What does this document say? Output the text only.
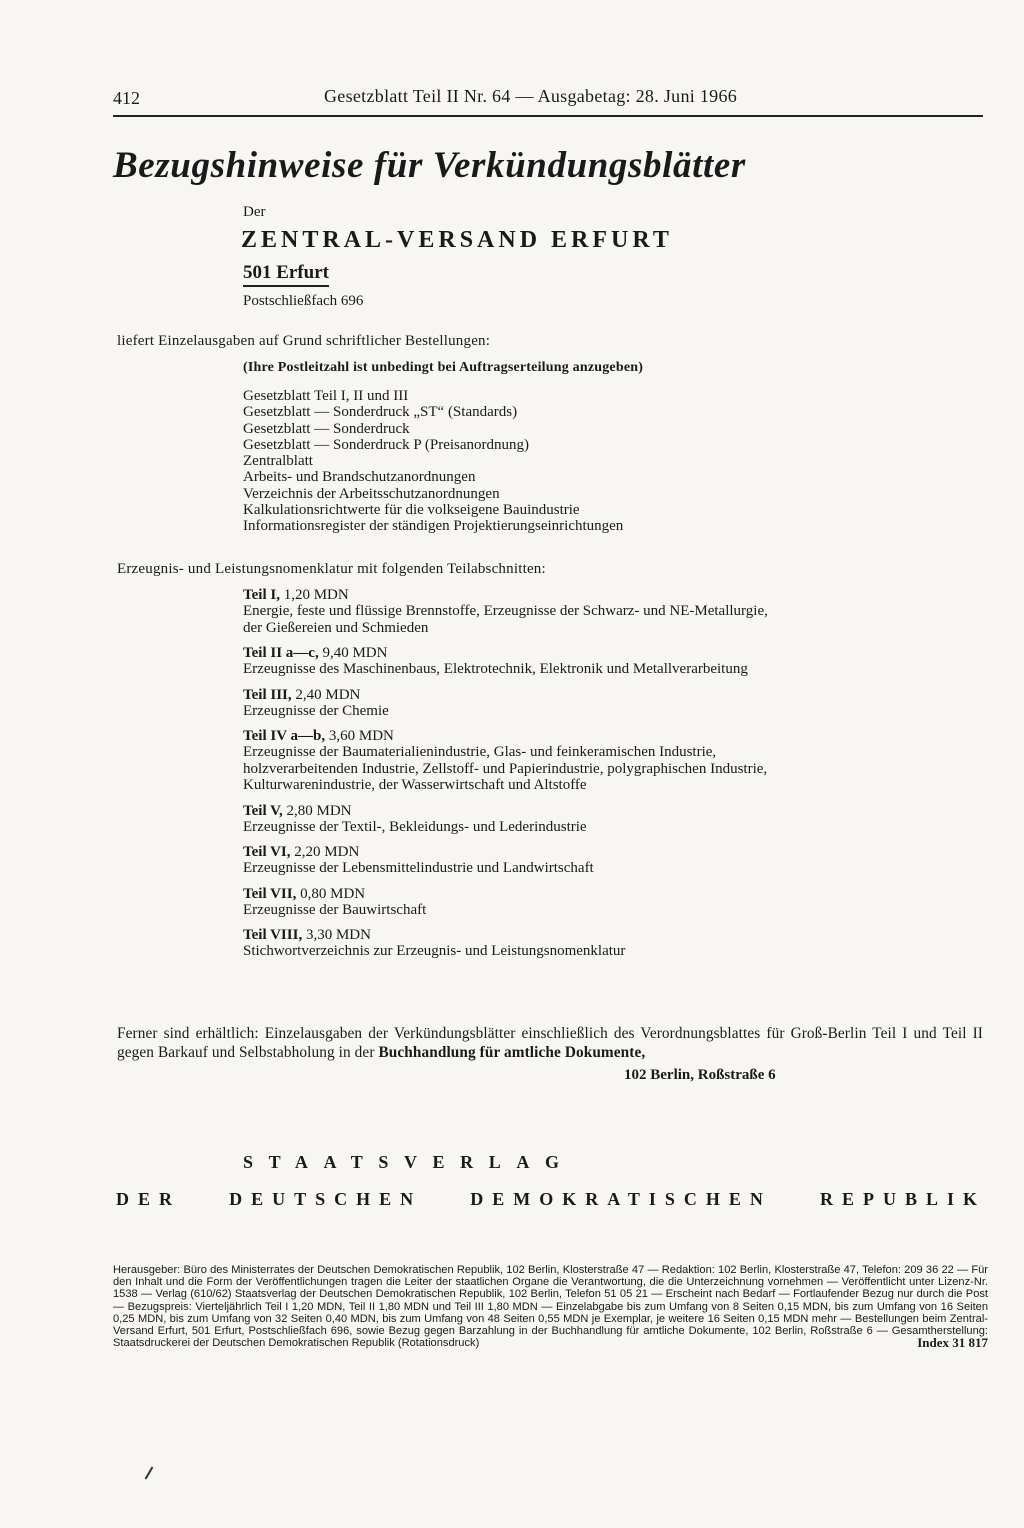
412	Gesetzblatt Teil II Nr. 64 — Ausgabetag: 28. Juni 1966
Bezugshinweise für Verkündungsblätter
Der
ZENTRAL-VERSAND ERFURT
501 Erfurt
Postschließfach 696
liefert Einzelausgaben auf Grund schriftlicher Bestellungen:
(Ihre Postleitzahl ist unbedingt bei Auftragserteilung anzugeben)
Gesetzblatt Teil I, II und III
Gesetzblatt — Sonderdruck „ST“ (Standards)
Gesetzblatt — Sonderdruck
Gesetzblatt — Sonderdruck P (Preisanordnung)
Zentralblatt
Arbeits- und Brandschutzanordnungen
Verzeichnis der Arbeitsschutzanordnungen
Kalkulationsrichtwerte für die volkseigene Bauindustrie
Informationsregister der ständigen Projektierungseinrichtungen
Erzeugnis- und Leistungsnomenklatur mit folgenden Teilabschnitten:
Teil I, 1,20 MDN
Energie, feste und flüssige Brennstoffe, Erzeugnisse der Schwarz- und NE-Metallurgie,
der Gießereien und Schmieden
Teil II a—c, 9,40 MDN
Erzeugnisse des Maschinenbaus, Elektrotechnik, Elektronik und Metallverarbeitung
Teil III, 2,40 MDN
Erzeugnisse der Chemie
Teil IV a—b, 3,60 MDN
Erzeugnisse der Baumaterialienindustrie, Glas- und feinkeramischen Industrie,
holzverarbeitenden Industrie, Zellstoff- und Papierindustrie, polygraphischen Industrie,
Kulturwarenindustrie, der Wasserwirtschaft und Altstoffe
Teil V, 2,80 MDN
Erzeugnisse der Textil-, Bekleidungs- und Lederindustrie
Teil VI, 2,20 MDN
Erzeugnisse der Lebensmittelindustrie und Landwirtschaft
Teil VII, 0,80 MDN
Erzeugnisse der Bauwirtschaft
Teil VIII, 3,30 MDN
Stichwortverzeichnis zur Erzeugnis- und Leistungsnomenklatur
Ferner sind erhältlich: Einzelausgaben der Verkündungsblätter einschließlich des Verordnungsblattes für Groß-Berlin Teil I und Teil II gegen Barkauf und Selbstabholung in der Buchhandlung für amtliche Dokumente,
102 Berlin, Roßstraße 6
STAATSVERLAG
DER	DEUTSCHEN	DEMOKRATISCHEN	REPUBLIK
Herausgeber: Büro des Ministerrates der Deutschen Demokratischen Republik, 102 Berlin, Klosterstraße 47 — Redaktion: 102 Berlin, Klosterstraße 47, Telefon: 209 36 22 — Für den Inhalt und die Form der Veröffentlichungen tragen die Leiter der staatlichen Organe die Verantwortung, die die Unterzeichnung vornehmen — Veröffentlicht unter Lizenz-Nr. 1538 — Verlag (610/62) Staatsverlag der Deutschen Demokratischen Republik, 102 Berlin, Telefon 51 05 21 — Erscheint nach Bedarf — Fortlaufender Bezug nur durch die Post — Bezugspreis: Vierteljährlich Teil I 1,20 MDN, Teil II 1,80 MDN und Teil III 1,80 MDN — Einzelabgabe bis zum Umfang von 8 Seiten 0,15 MDN, bis zum Umfang von 16 Seiten 0,25 MDN, bis zum Umfang von 32 Seiten 0,40 MDN, bis zum Umfang von 48 Seiten 0,55 MDN je Exemplar, je weitere 16 Seiten 0,15 MDN mehr — Bestellungen beim Zentral-Versand Erfurt, 501 Erfurt, Postschließfach 696, sowie Bezug gegen Barzahlung in der Buchhandlung für amtliche Dokumente, 102 Berlin, Roßstraße 6 — Gesamtherstellung: Staatsdruckerei der Deutschen Demokratischen Republik (Rotationsdruck)	Index 31 817
